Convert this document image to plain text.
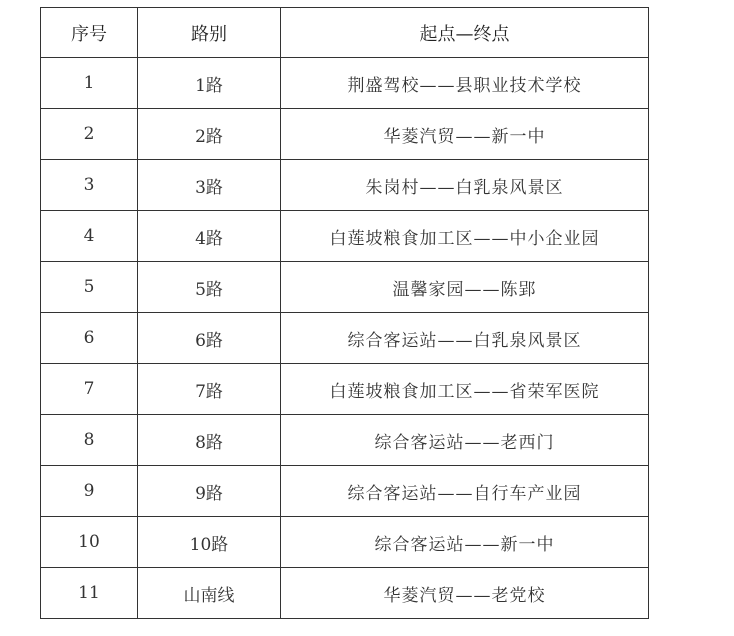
序号	路别	起点—终点
1	1路	荆盛驾校——县职业技术学校
2	2路	华菱汽贸——新一中
3	3路	朱岗村——白乳泉风景区
4	4路	白莲坡粮食加工区——中小企业园
5	5路	温馨家园——陈郢
6	6路	综合客运站——白乳泉风景区
7	7路	白莲坡粮食加工区——省荣军医院
8	8路	综合客运站——老西门
9	9路	综合客运站——自行车产业园
10	10路	综合客运站——新一中
11	山南线	华菱汽贸——老党校
